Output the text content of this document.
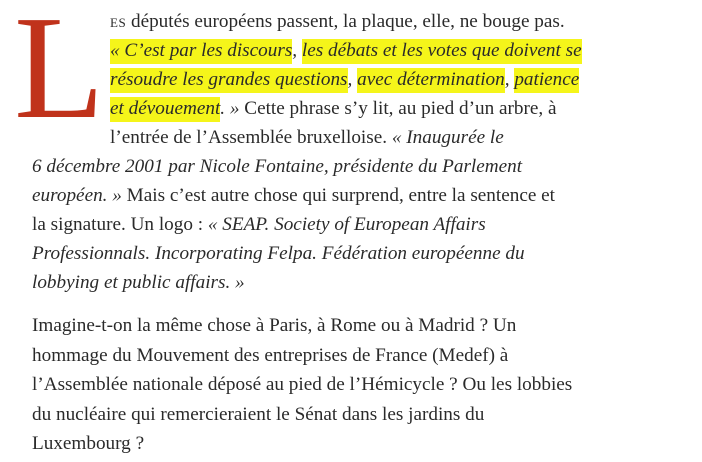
L es députés européens passent, la plaque, elle, ne bouge pas.
« C’est par les discours, les débats et les votes que doivent se
résoudre les grandes questions, avec détermination, patience
et dévouement. » Cette phrase s’y lit, au pied d’un arbre, à
l’entrée de l’Assemblée bruxelloise. « Inaugurée le
6 décembre 2001 par Nicole Fontaine, présidente du Parlement
européen. » Mais c’est autre chose qui surprend, entre la sentence et
la signature. Un logo : « SEAP. Society of European Affairs
Professionnals. Incorporating Felpa. Fédération européenne du
lobbying et public affairs. »

Imagine-t-on la même chose à Paris, à Rome ou à Madrid ? Un
hommage du Mouvement des entreprises de France (Medef) à
l’Assemblée nationale déposé au pied de l’Hémicycle ? Ou les lobbies
du nucléaire qui remercieraient le Sénat dans les jardins du
Luxembourg ?
